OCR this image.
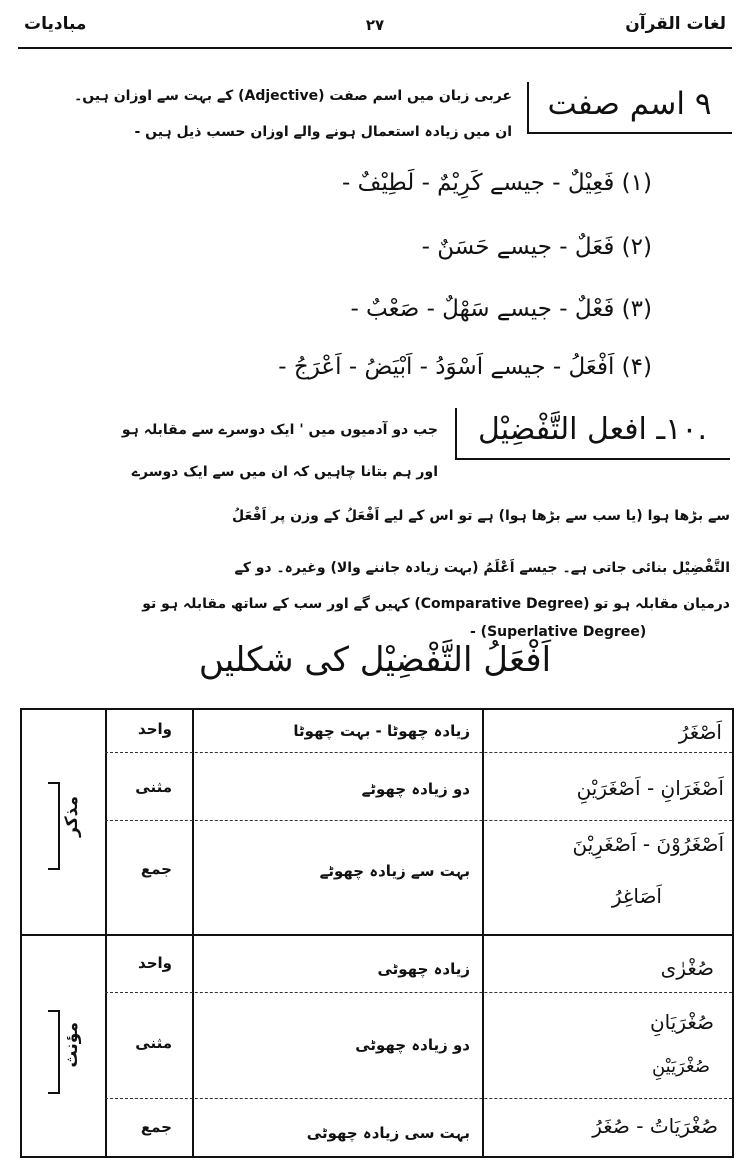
لغات القرآن
۲۷
مبادیات
۹ اسم صفت
عربی زبان میں اسم صفت (Adjective) کے بہت سے اوزان ہیں۔
ان میں زیادہ استعمال ہونے والے اوزان حسب ذیل ہیں -
(۱) فَعِیْلٌ - جیسے کَرِیْمٌ - لَطِیْفٌ -
(۲) فَعَلٌ - جیسے حَسَنٌ -
(۳) فَعْلٌ - جیسے سَهْلٌ - صَعْبٌ -
(۴) اَفْعَلُ - جیسے اَسْوَدُ - اَبْيَضُ - اَعْرَجُ -
.۱۰ـ افعل التَّفْضِيْل
جب دو آدمیوں میں ' ایک دوسرے سے مقابلہ ہو
اور ہم بتانا چاہیں کہ ان میں سے ایک دوسرے
سے بڑھا ہوا (یا سب سے بڑھا ہوا) ہے تو اس کے لیے اَفْعَلُ کے وزن پر اَفْعَلُ
التَّفْضِيْل بنائی جاتی ہے۔ جیسے اَعْلَمُ (بہت زیادہ جاننے والا) وغیرہ۔ دو کے
درمیان مقابلہ ہو تو (Comparative Degree) کہیں گے اور سب کے ساتھ مقابلہ ہو تو
(Superlative Degree) -
اَفْعَلُ التَّفْضِيْل کی شکلیں
مذکر
مؤنث
اَصْغَرُ
زیادہ چھوٹا - بہت چھوٹا
واحد
اَصْغَرَانِ - اَصْغَرَيْنِ
دو زیادہ چھوٹے
مثنی
اَصْغَرُوْنَ - اَصْغَرِيْنَ
اَصَاغِرُ
بہت سے زیادہ چھوٹے
جمع
صُغْرٰی
زیادہ چھوٹی
واحد
صُغْرَيَانِ
صُغْرَيَيْنِ
دو زیادہ چھوٹی
مثنی
صُغْرَيَاتُ - صُغَرُ
بہت سی زیادہ چھوٹی
جمع
